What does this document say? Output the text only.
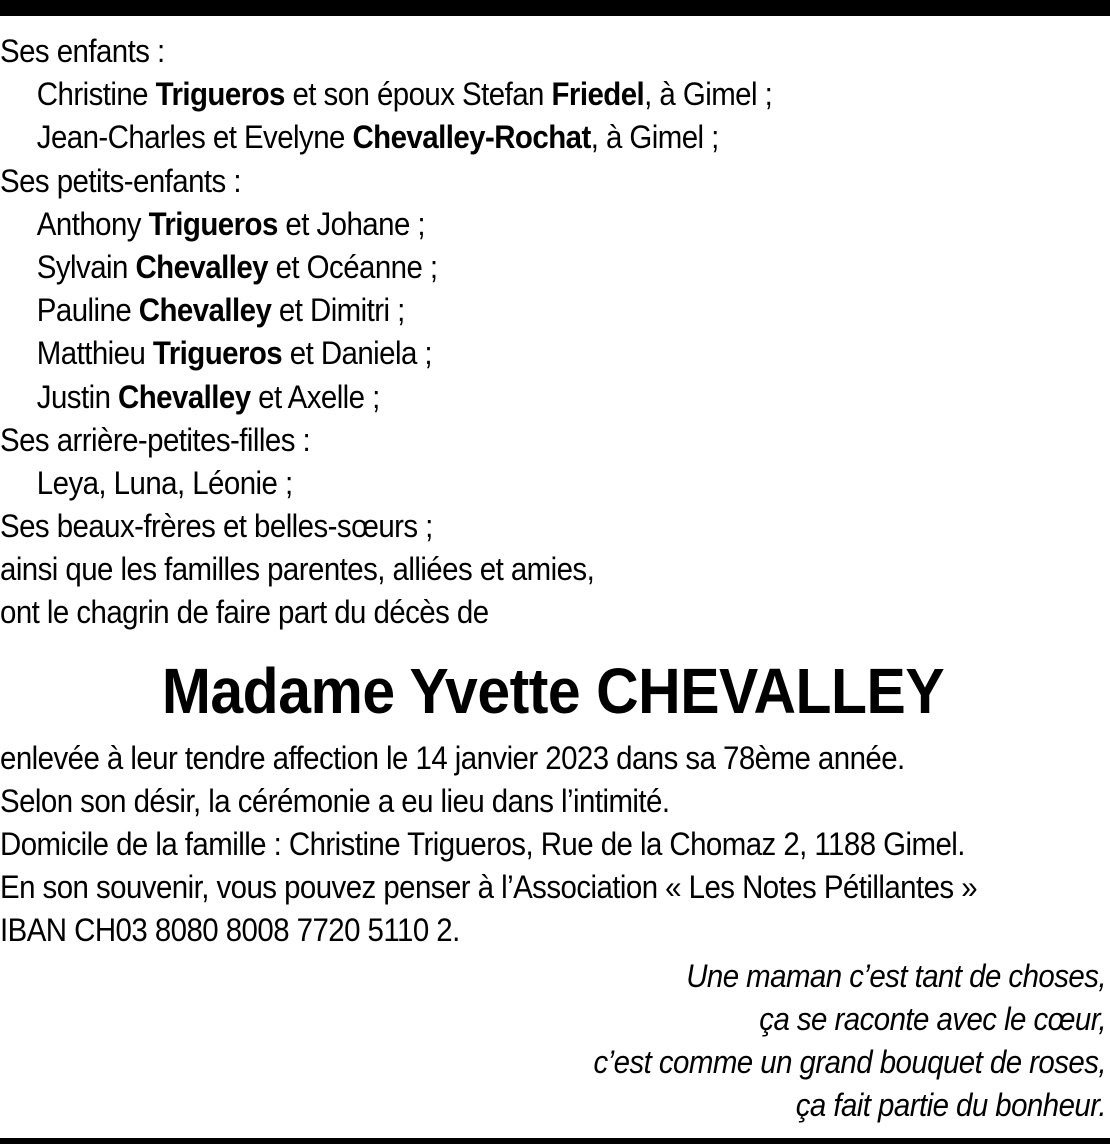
Ses enfants :
Christine Trigueros et son époux Stefan Friedel, à Gimel ;
Jean-Charles et Evelyne Chevalley-Rochat, à Gimel ;
Ses petits-enfants :
Anthony Trigueros et Johane ;
Sylvain Chevalley et Océanne ;
Pauline Chevalley et Dimitri ;
Matthieu Trigueros et Daniela ;
Justin Chevalley et Axelle ;
Ses arrière-petites-filles :
Leya, Luna, Léonie ;
Ses beaux-frères et belles-sœurs ;
ainsi que les familles parentes, alliées et amies,
ont le chagrin de faire part du décès de
Madame Yvette CHEVALLEY
enlevée à leur tendre affection le 14 janvier 2023 dans sa 78ème année.
Selon son désir, la cérémonie a eu lieu dans l’intimité.
Domicile de la famille : Christine Trigueros, Rue de la Chomaz 2, 1188 Gimel.
En son souvenir, vous pouvez penser à l’Association « Les Notes Pétillantes »
IBAN CH03 8080 8008 7720 5110 2.
Une maman c’est tant de choses,
ça se raconte avec le cœur,
c’est comme un grand bouquet de roses,
ça fait partie du bonheur.
